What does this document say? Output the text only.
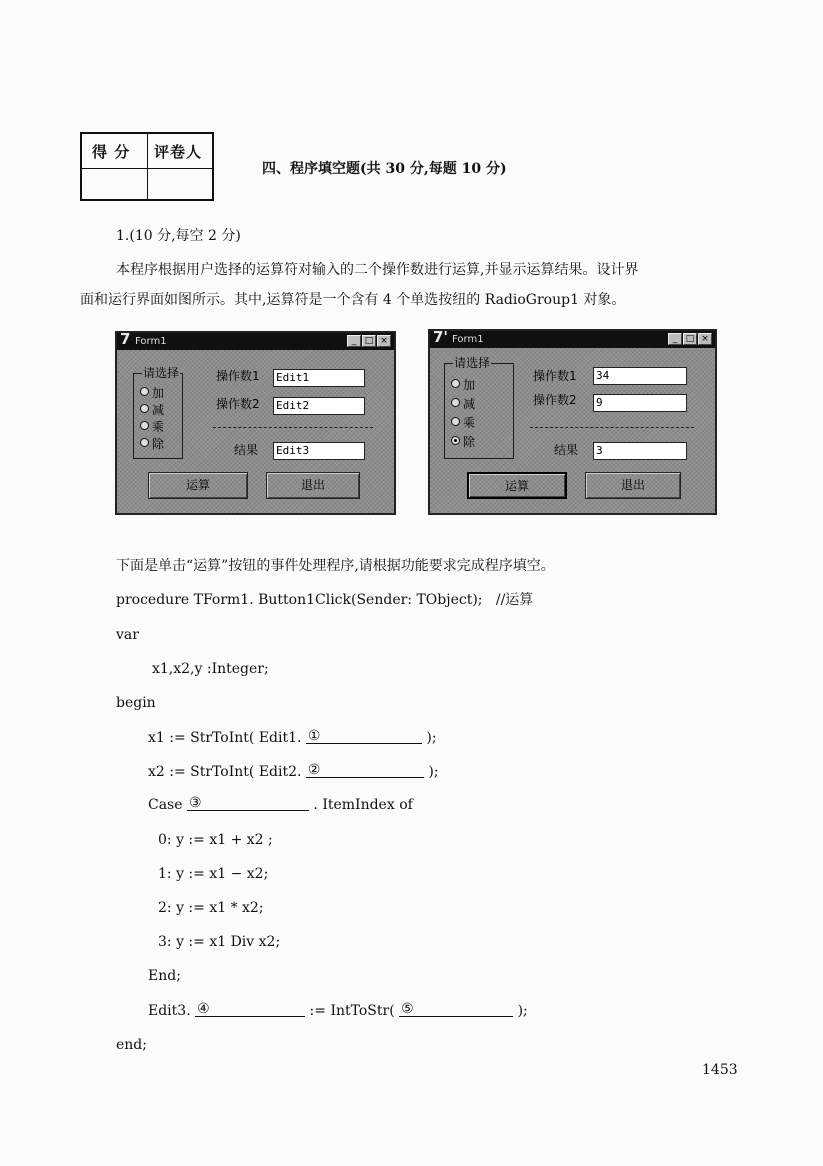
得 分 评卷人
四、程序填空题(共 30 分,每题 10 分)
1.(10 分,每空 2 分)
本程序根据用户选择的运算符对输入的二个操作数进行运算,并显示运算结果。设计界
面和运行界面如图所示。其中,运算符是一个含有 4 个单选按纽的 RadioGroup1 对象。
7 Form1	_ □ ×
请选择
加
减
乘
除
操作数1 Edit1
操作数2 Edit2
结果 Edit3
运算	退出
7' Form1	_ □ ×
请选择
加
减
乘
除
操作数1 34
操作数2 9
结果 3
运算	退出
下面是单击“运算”按钮的事件处理程序,请根据功能要求完成程序填空。
procedure TForm1. Button1Click(Sender: TObject);   //运算
var
x1,x2,y :Integer;
begin
x1 := StrToInt( Edit1. ①	);
x2 := StrToInt( Edit2. ②	);
Case ③	. ItemIndex of
0: y := x1 + x2 ;
1: y := x1 − x2;
2: y := x1 * x2;
3: y := x1 Div x2;
End;
Edit3. ④	:= IntToStr( ⑤	);
end;
1453
